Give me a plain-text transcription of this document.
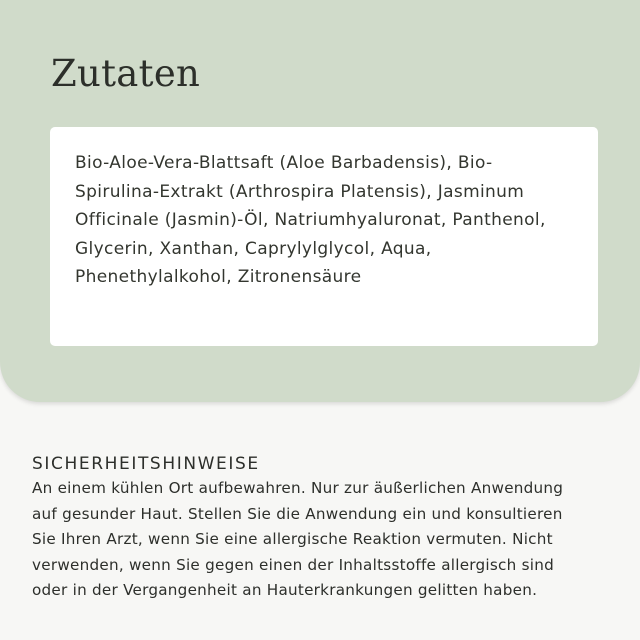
Zutaten

Bio-Aloe-Vera-Blattsaft (Aloe Barbadensis), Bio-
Spirulina-Extrakt (Arthrospira Platensis), Jasminum
Officinale (Jasmin)-Öl, Natriumhyaluronat, Panthenol,
Glycerin, Xanthan, Caprylylglycol, Aqua,
Phenethylalkohol, Zitronensäure

SICHERHEITSHINWEISE

An einem kühlen Ort aufbewahren. Nur zur äußerlichen Anwendung
auf gesunder Haut. Stellen Sie die Anwendung ein und konsultieren
Sie Ihren Arzt, wenn Sie eine allergische Reaktion vermuten. Nicht
verwenden, wenn Sie gegen einen der Inhaltsstoffe allergisch sind
oder in der Vergangenheit an Hauterkrankungen gelitten haben.
